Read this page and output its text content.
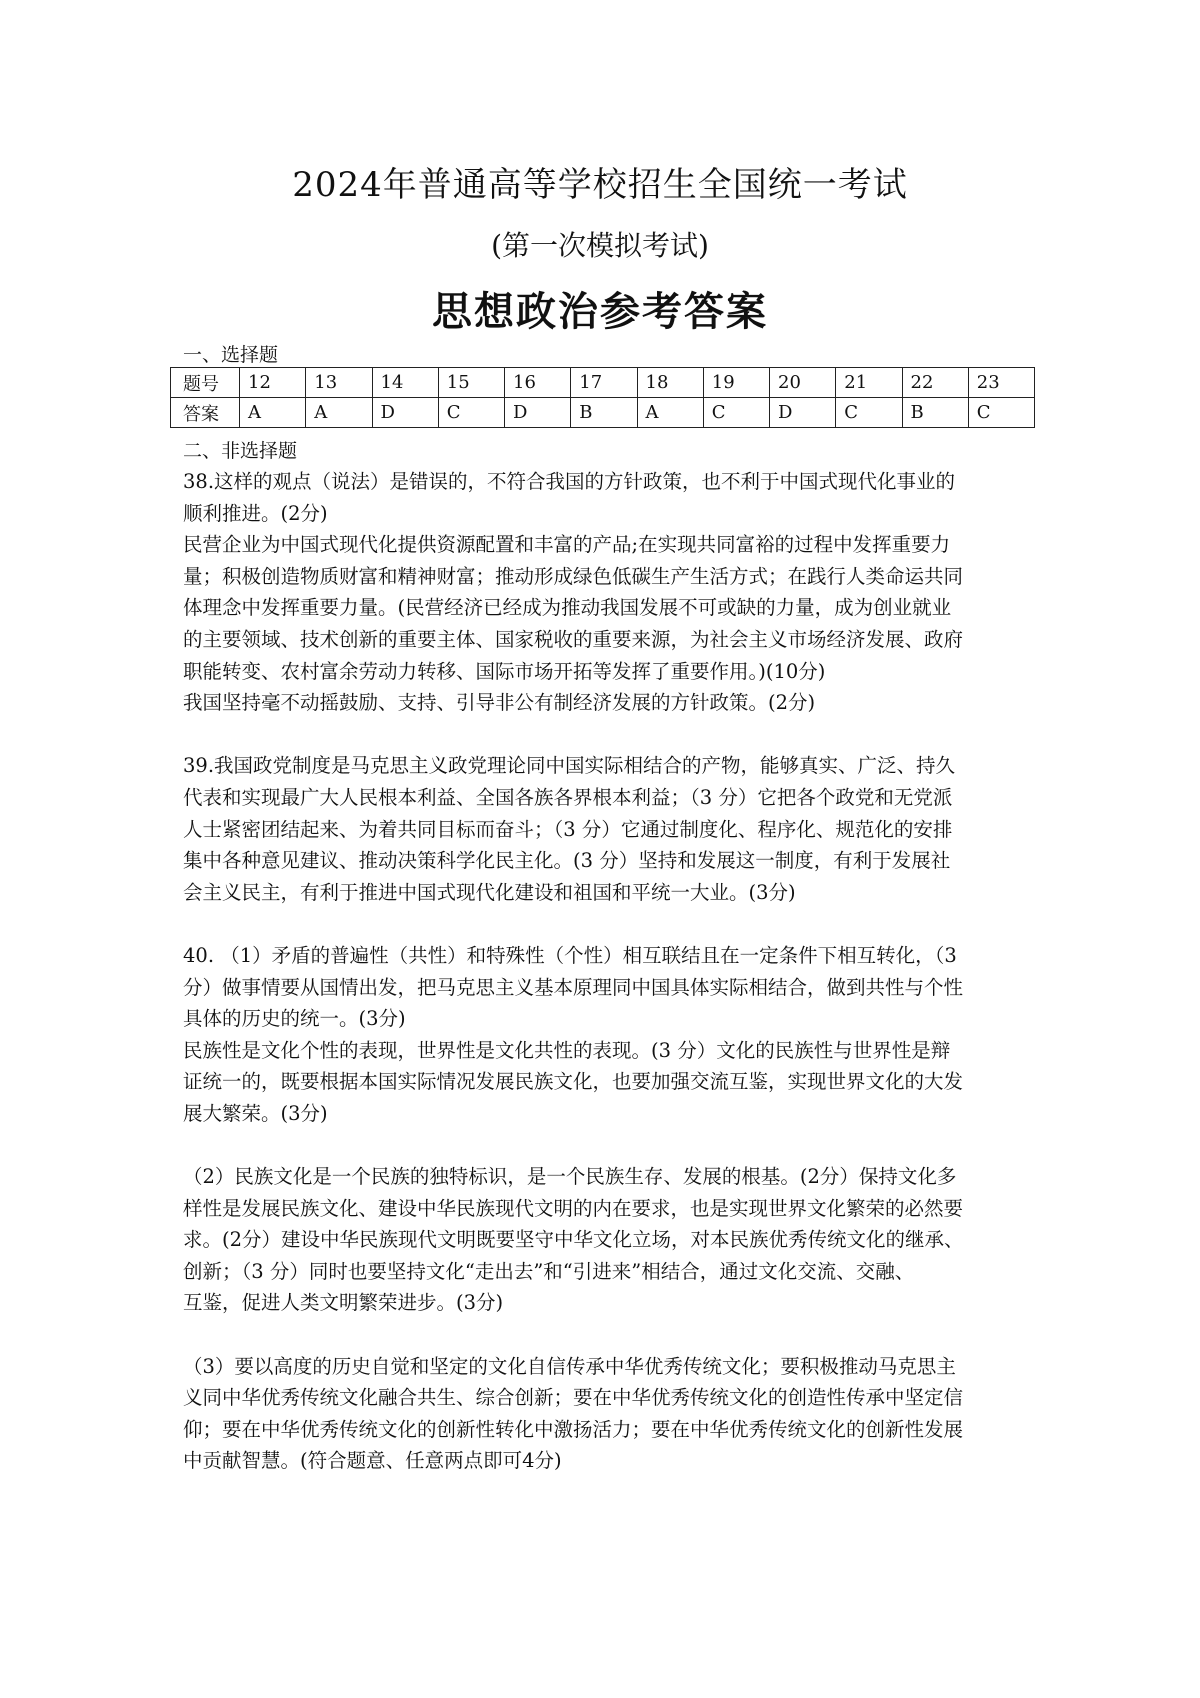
2024年普通高等学校招生全国统一考试
(第一次模拟考试)
思想政治参考答案
一、选择题
题号	12	13	14	15	16	17	18	19	20	21	22	23
答案	A	A	D	C	D	B	A	C	D	C	B	C
二、非选择题

38.这样的观点（说法）是错误的，不符合我国的方针政策，也不利于中国式现代化事业的

顺利推进。(2分)

民营企业为中国式现代化提供资源配置和丰富的产品;在实现共同富裕的过程中发挥重要力

量；积极创造物质财富和精神财富；推动形成绿色低碳生产生活方式；在践行人类命运共同

体理念中发挥重要力量。(民营经济已经成为推动我国发展不可或缺的力量，成为创业就业

的主要领域、技术创新的重要主体、国家税收的重要来源，为社会主义市场经济发展、政府

职能转变、农村富余劳动力转移、国际市场开拓等发挥了重要作用。)(10分)

我国坚持毫不动摇鼓励、支持、引导非公有制经济发展的方针政策。(2分)

39.我国政党制度是马克思主义政党理论同中国实际相结合的产物，能够真实、广泛、持久

代表和实现最广大人民根本利益、全国各族各界根本利益；（3 分）它把各个政党和无党派

人士紧密团结起来、为着共同目标而奋斗；（3 分）它通过制度化、程序化、规范化的安排

集中各种意见建议、推动决策科学化民主化。(3 分）坚持和发展这一制度，有利于发展社

会主义民主，有利于推进中国式现代化建设和祖国和平统一大业。(3分)

40. （1）矛盾的普遍性（共性）和特殊性（个性）相互联结且在一定条件下相互转化，（3

分）做事情要从国情出发，把马克思主义基本原理同中国具体实际相结合，做到共性与个性

具体的历史的统一。(3分)

民族性是文化个性的表现，世界性是文化共性的表现。(3 分）文化的民族性与世界性是辩

证统一的，既要根据本国实际情况发展民族文化，也要加强交流互鉴，实现世界文化的大发

展大繁荣。(3分)

（2）民族文化是一个民族的独特标识，是一个民族生存、发展的根基。(2分）保持文化多

样性是发展民族文化、建设中华民族现代文明的内在要求，也是实现世界文化繁荣的必然要

求。(2分）建设中华民族现代文明既要坚守中华文化立场，对本民族优秀传统文化的继承、

创新；（3 分）同时也要坚持文化“走出去”和“引进来”相结合，通过文化交流、交融、

互鉴，促进人类文明繁荣进步。(3分)

（3）要以高度的历史自觉和坚定的文化自信传承中华优秀传统文化；要积极推动马克思主

义同中华优秀传统文化融合共生、综合创新；要在中华优秀传统文化的创造性传承中坚定信

仰；要在中华优秀传统文化的创新性转化中激扬活力；要在中华优秀传统文化的创新性发展

中贡献智慧。(符合题意、任意两点即可4分)
